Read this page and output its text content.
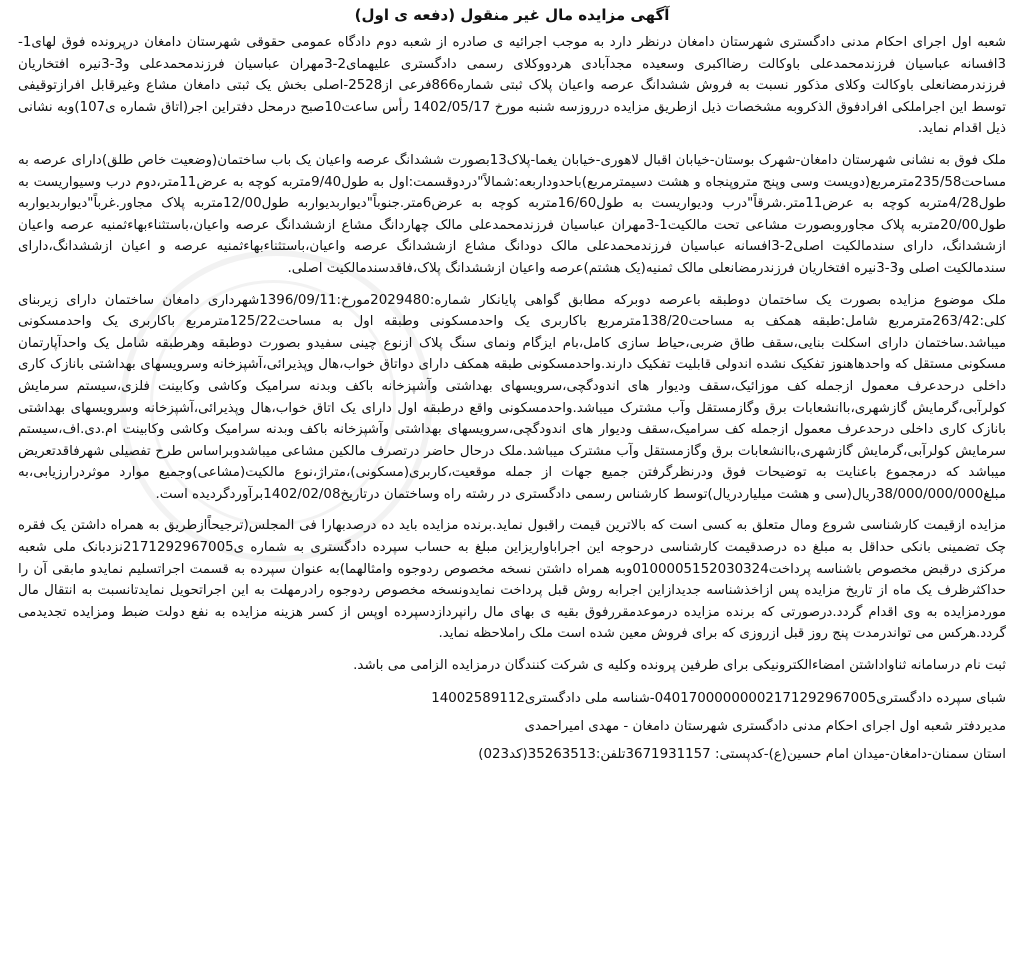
آگهی مزایده مال غیر منقول (دفعه ی اول)

شعبه اول اجرای احکام مدنی دادگستری شهرستان دامغان درنظر دارد به موجب اجرائیه ی صادره از شعبه دوم دادگاه عمومی حقوقی شهرستان دامغان درپرونده فوق لهای1-3افسانه عباسیان فرزندمحمدعلی باوکالت رضااکبری وسعیده مجدآبادی هردووکلای رسمی دادگستری علیهمای2-3مهران عباسیان فرزندمحمدعلی و3-3نیره افتخاریان فرزندرمضانعلی باوکالت وکلای مذکور نسبت به فروش ششدانگ عرصه واعیان پلاک ثبتی شماره866فرعی از2528-اصلی بخش یک ثبتی دامغان مشاع وغیرقابل افرازتوقیفی توسط این اجراملکی افرادفوق الذکروبه مشخصات ذیل ازطریق مزایده درروزسه شنبه مورخ 1402/05/17 رأس ساعت10صبح درمحل دفتراین اجر(اتاق شماره ی107)وبه نشانی ذیل اقدام نماید.

ملک فوق به نشانی شهرستان دامغان-شهرک بوستان-خیابان اقبال لاهوری-خیابان یغما-پلاک13بصورت ششدانگ عرصه واعیان یک باب ساختمان(وضعیت خاص طلق)دارای عرصه به مساحت235/58مترمربع(دویست وسی وپنج متروپنجاه و هشت دسیمترمربع)باحدوداربعه:شمالاً"دردوقسمت:اول به طول9/40متربه کوچه به عرض11متر،دوم درب وسیواریست به طول4/28متربه کوچه به عرض11متر.شرقاً"درب ودیواریست به طول16/60متربه کوچه به عرض6متر.جنوباً"دیواربدیواربه طول12/00متربه پلاک مجاور.غرباً"دیواربدیواربه طول20/00متربه پلاک مجاوروبصورت مشاعی تحت مالکیت1-3مهران عباسیان فرزندمحمدعلی مالک چهاردانگ مشاع ازششدانگ عرصه واعیان،باستثناءبهاءثمنیه عرصه واعیان ازششدانگ، دارای سندمالکیت اصلی2-3افسانه عباسیان فرزندمحمدعلی مالک دودانگ مشاع ازششدانگ عرصه واعیان،باستثناءبهاءثمنیه عرصه و اعیان ازششدانگ،دارای سندمالکیت اصلی و3-3نیره افتخاریان فرزندرمضانعلی مالک ثمنیه(یک هشتم)عرصه واعیان ازششدانگ پلاک،فاقدسندمالکیت اصلی.

ملک موضوع مزایده بصورت یک ساختمان دوطبقه باعرصه دوبرکه مطابق گواهی پایانکار شماره:2029480مورخ:1396/09/11شهرداری دامغان ساختمان دارای زیربنای کلی:263/42مترمربع شامل:طبقه همکف به مساحت138/20مترمربع باکاربری یک واحدمسکونی وطبقه اول به مساحت125/22مترمربع باکاربری یک واحدمسکونی میباشد.ساختمان دارای اسکلت بنایی،سقف طاق ضربی،حیاط سازی کامل،بام ایزگام ونمای سنگ پلاک ازنوع چینی سفیدو بصورت دوطبقه وهرطبقه شامل یک واحدآپارتمان مسکونی مستقل که واحدهاهنوز تفکیک نشده اندولی قابلیت تفکیک دارند.واحدمسکونی طبقه همکف دارای دواتاق خواب،هال وپذیرائی،آشپزخانه وسرویسهای بهداشتی بانازک کاری داخلی درحدعرف معمول ازجمله کف موزائیک،سقف ودیوار های اندودگچی،سرویسهای بهداشتی وآشپزخانه باکف وبدنه سرامیک وکاشی وکابینت فلزی،سیستم سرمایش کولرآبی،گرمایش گازشهری،باانشعابات برق وگازمستقل وآب مشترک میباشد.واحدمسکونی واقع درطبقه اول دارای یک اتاق خواب،هال وپذیرائی،آشپزخانه وسرویسهای بهداشتی بانازک کاری داخلی درحدعرف معمول ازجمله کف سرامیک،سقف ودیوار های اندودگچی،سرویسهای بهداشتی وآشپزخانه باکف وبدنه سرامیک وکاشی وکابینت ام.دی.اف،سیستم سرمایش کولرآبی،گرمایش گازشهری،باانشعابات برق وگازمستقل وآب مشترک میباشد.ملک درحال حاضر درتصرف مالکین مشاعی میباشدوبراساس طرح تفصیلی شهرفاقدتعریض میباشد که درمجموع باعنایت به توضیحات فوق ودرنظرگرفتن جمیع جهات از جمله موقعیت،کاربری(مسکونی)،متراژ،نوع مالکیت(مشاعی)وجمیع موارد موثردرارزیابی،به مبلغ38/000/000/000ریال(سی و هشت میلیاردریال)توسط کارشناس رسمی دادگستری در رشته راه وساختمان درتاریخ1402/02/08برآوردگردیده است.

مزایده ازقیمت کارشناسی شروع ومال متعلق به کسی است که بالاترین قیمت راقبول نماید.برنده مزایده باید ده درصدبهارا فی المجلس(ترجیحاًازطریق به همراه داشتن یک فقره چک تضمینی بانکی حداقل به مبلغ ده درصدقیمت کارشناسی درحوجه این اجراباواریزاین مبلغ به حساب سپرده دادگستری به شماره ی2171292967005نزدبانک ملی شعبه مرکزی درقبض مخصوص باشناسه پرداخت0100005152030324وبه همراه داشتن نسخه مخصوص ردوجوه وامثالهما)به عنوان سپرده به قسمت اجراتسلیم نمایدو مابقی آن را حداکثرظرف یک ماه از تاریخ مزایده پس ازاخذشناسه جدیدازاین اجرابه روش قبل پرداخت نمایدونسخه مخصوص ردوجوه رادرمهلت به این اجراتحویل نمایدتانسبت به انتقال مال موردمزایده به وی اقدام گردد.درصورتی که برنده مزایده درموعدمقررفوق بقیه ی بهای مال رانپردازدسپرده اوپس از کسر هزینه مزایده به نفع دولت ضبط ومزایده تجدیدمی گردد.هرکس می تواندرمدت پنج روز قبل ازروزی که برای فروش معین شده است ملک راملاحظه نماید.

ثبت نام درسامانه ثناواداشتن امضاءالکترونیکی برای طرفین پرونده وکلیه ی شرکت کنندگان درمزایده الزامی می باشد.

شبای سپرده دادگستری04017000000002171292967005-شناسه ملی دادگستری14002589112
مدیردفتر شعبه اول اجرای احکام مدنی دادگستری شهرستان دامغان - مهدی امیراحمدی
استان سمنان-دامغان-میدان امام حسین(ع)-کدپستی: 3671931157تلفن:35263513(کد023)
